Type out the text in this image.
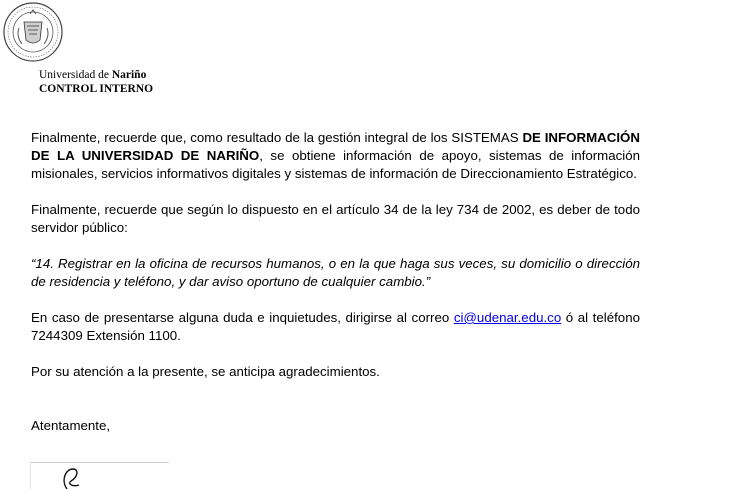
Universidad de Nariño
CONTROL INTERNO

Finalmente, recuerde que, como resultado de la gestión integral de los SISTEMAS DE INFORMACIÓN DE LA UNIVERSIDAD DE NARIÑO, se obtiene información de apoyo, sistemas de información misionales, servicios informativos digitales y sistemas de información de Direccionamiento Estratégico.

Finalmente, recuerde que según lo dispuesto en el artículo 34 de la ley 734 de 2002, es deber de todo servidor público:

“14. Registrar en la oficina de recursos humanos, o en la que haga sus veces, su domicilio o dirección de residencia y teléfono, y dar aviso oportuno de cualquier cambio.”

En caso de presentarse alguna duda e inquietudes, dirigirse al correo ci@udenar.edu.co ó al teléfono 7244309 Extensión 1100.

Por su atención a la presente, se anticipa agradecimientos.

Atentamente,
